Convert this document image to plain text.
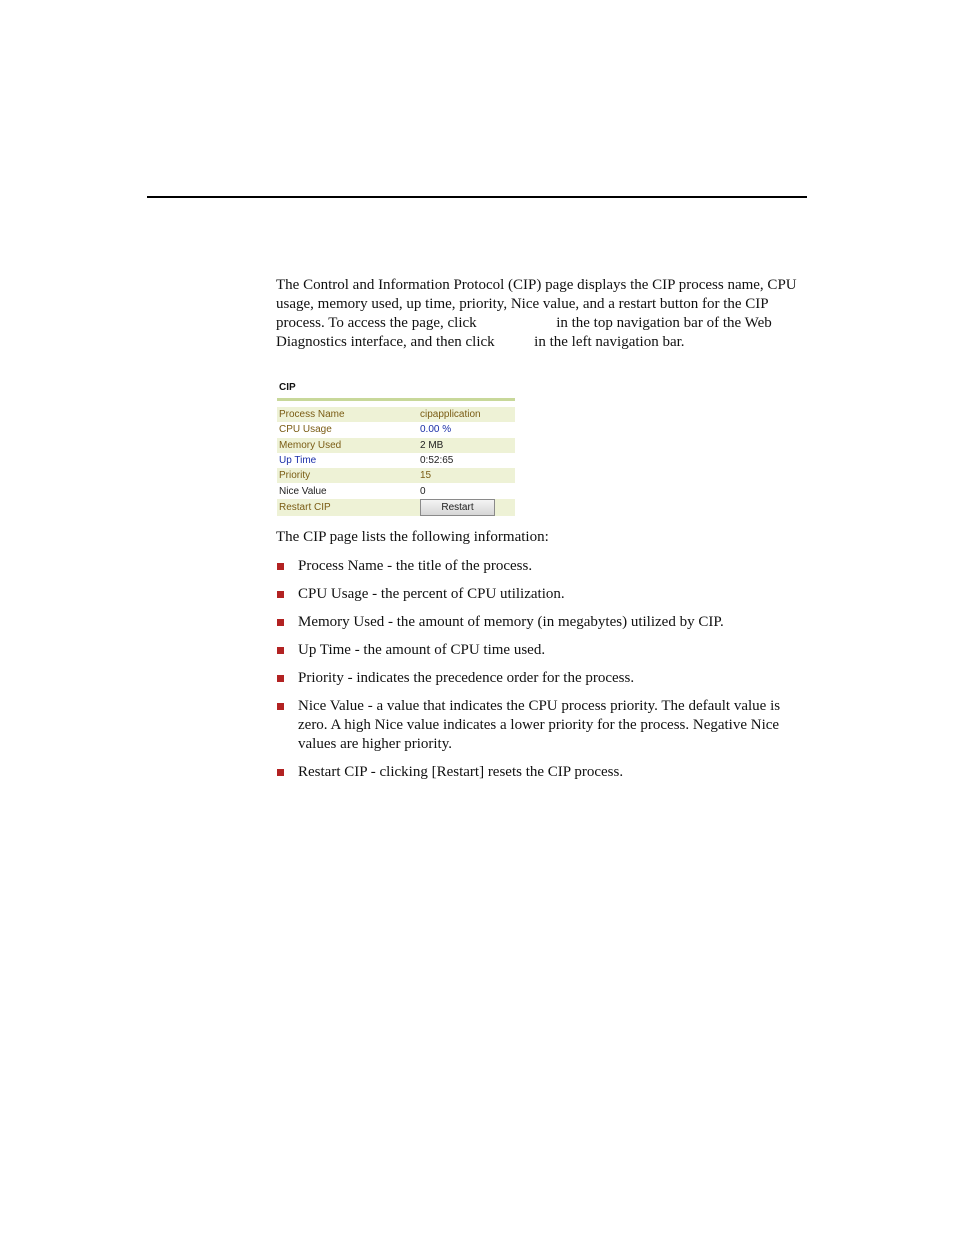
The Control and Information Protocol (CIP) page displays the CIP process name, CPU usage, memory used, up time, priority, Nice value, and a restart button for the CIP process. To access the page, click	in the top navigation bar of the Web Diagnostics interface, and then click	in the left navigation bar.

CIP
Process Name	cipapplication
CPU Usage	0.00 %
Memory Used	2 MB
Up Time	0:52:65
Priority	15
Nice Value	0
Restart CIP	Restart

The CIP page lists the following information:

Process Name - the title of the process.
CPU Usage - the percent of CPU utilization.
Memory Used - the amount of memory (in megabytes) utilized by CIP.
Up Time - the amount of CPU time used.
Priority - indicates the precedence order for the process.
Nice Value - a value that indicates the CPU process priority. The default value is zero. A high Nice value indicates a lower priority for the process. Negative Nice values are higher priority.
Restart CIP - clicking [Restart] resets the CIP process.
